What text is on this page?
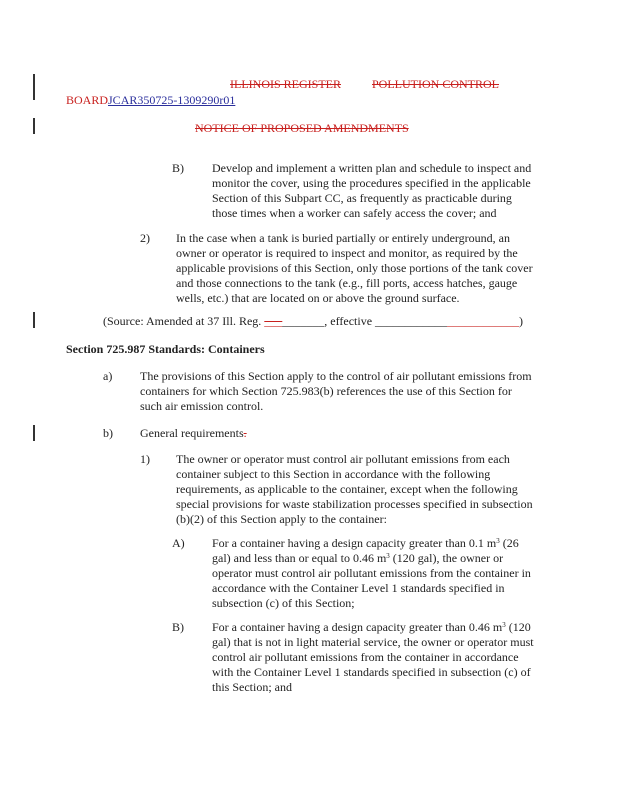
ILLINOIS REGISTER	POLLUTION CONTROL
BOARDJCAR350725-1309290r01
NOTICE OF PROPOSED AMENDMENTS
B) Develop and implement a written plan and schedule to inspect and monitor the cover, using the procedures specified in the applicable Section of this Subpart CC, as frequently as practicable during those times when a worker can safely access the cover; and
2) In the case when a tank is buried partially or entirely underground, an owner or operator is required to inspect and monitor, as required by the applicable provisions of this Section, only those portions of the tank cover and those connections to the tank (e.g., fill ports, access hatches, gauge wells, etc.) that are located on or above the ground surface.
(Source: Amended at 37 Ill. Reg. __________, effective ________________________)
Section 725.987 Standards: Containers
a) The provisions of this Section apply to the control of air pollutant emissions from containers for which Section 725.983(b) references the use of this Section for such air emission control.
b) General requirements.
1) The owner or operator must control air pollutant emissions from each container subject to this Section in accordance with the following requirements, as applicable to the container, except when the following special provisions for waste stabilization processes specified in subsection (b)(2) of this Section apply to the container:
A) For a container having a design capacity greater than 0.1 $m^3$ (26 gal) and less than or equal to 0.46 $m^3$ (120 gal), the owner or operator must control air pollutant emissions from the container in accordance with the Container Level 1 standards specified in subsection (c) of this Section;
B) For a container having a design capacity greater than 0.46 $m^3$ (120 gal) that is not in light material service, the owner or operator must control air pollutant emissions from the container in accordance with the Container Level 1 standards specified in subsection (c) of this Section; and
